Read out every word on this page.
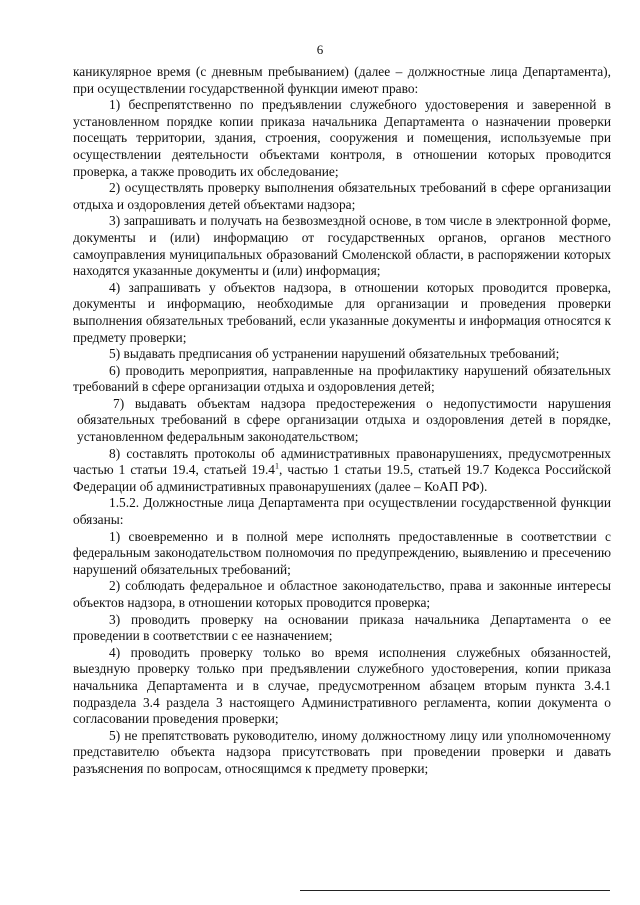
6

каникулярное время (с дневным пребыванием) (далее – должностные лица Департамента), при осуществлении государственной функции имеют право:

1) беспрепятственно по предъявлении служебного удостоверения и заверенной в установленном порядке копии приказа начальника Департамента о назначении проверки посещать территории, здания, строения, сооружения и помещения, используемые при осуществлении деятельности объектами контроля, в отношении которых проводится проверка, а также проводить их обследование;

2) осуществлять проверку выполнения обязательных требований в сфере организации отдыха и оздоровления детей объектами надзора;

3) запрашивать и получать на безвозмездной основе, в том числе в электронной форме, документы и (или) информацию от государственных органов, органов местного самоуправления муниципальных образований Смоленской области, в распоряжении которых находятся указанные документы и (или) информация;

4) запрашивать у объектов надзора, в отношении которых проводится проверка, документы и информацию, необходимые для организации и проведения проверки выполнения обязательных требований, если указанные документы и информация относятся к предмету проверки;

5) выдавать предписания об устранении нарушений обязательных требований;

6) проводить мероприятия, направленные на профилактику нарушений обязательных требований в сфере организации отдыха и оздоровления детей;

7) выдавать объектам надзора предостережения о недопустимости нарушения обязательных требований в сфере организации отдыха и оздоровления детей в порядке, установленном федеральным законодательством;

8) составлять протоколы об административных правонарушениях, предусмотренных частью 1 статьи 19.4, статьей 19.4$^1$, частью 1 статьи 19.5, статьей 19.7 Кодекса Российской Федерации об административных правонарушениях (далее – КоАП РФ).

1.5.2. Должностные лица Департамента при осуществлении государственной функции обязаны:

1) своевременно и в полной мере исполнять предоставленные в соответствии с федеральным законодательством полномочия по предупреждению, выявлению и пресечению нарушений обязательных требований;

2) соблюдать федеральное и областное законодательство, права и законные интересы объектов надзора, в отношении которых проводится проверка;

3) проводить проверку на основании приказа начальника Департамента о ее проведении в соответствии с ее назначением;

4) проводить проверку только во время исполнения служебных обязанностей, выездную проверку только при предъявлении служебного удостоверения, копии приказа начальника Департамента и в случае, предусмотренном абзацем вторым пункта 3.4.1 подраздела 3.4 раздела 3 настоящего Административного регламента, копии документа о согласовании проведения проверки;

5) не препятствовать руководителю, иному должностному лицу или уполномоченному представителю объекта надзора присутствовать при проведении проверки и давать разъяснения по вопросам, относящимся к предмету проверки;
